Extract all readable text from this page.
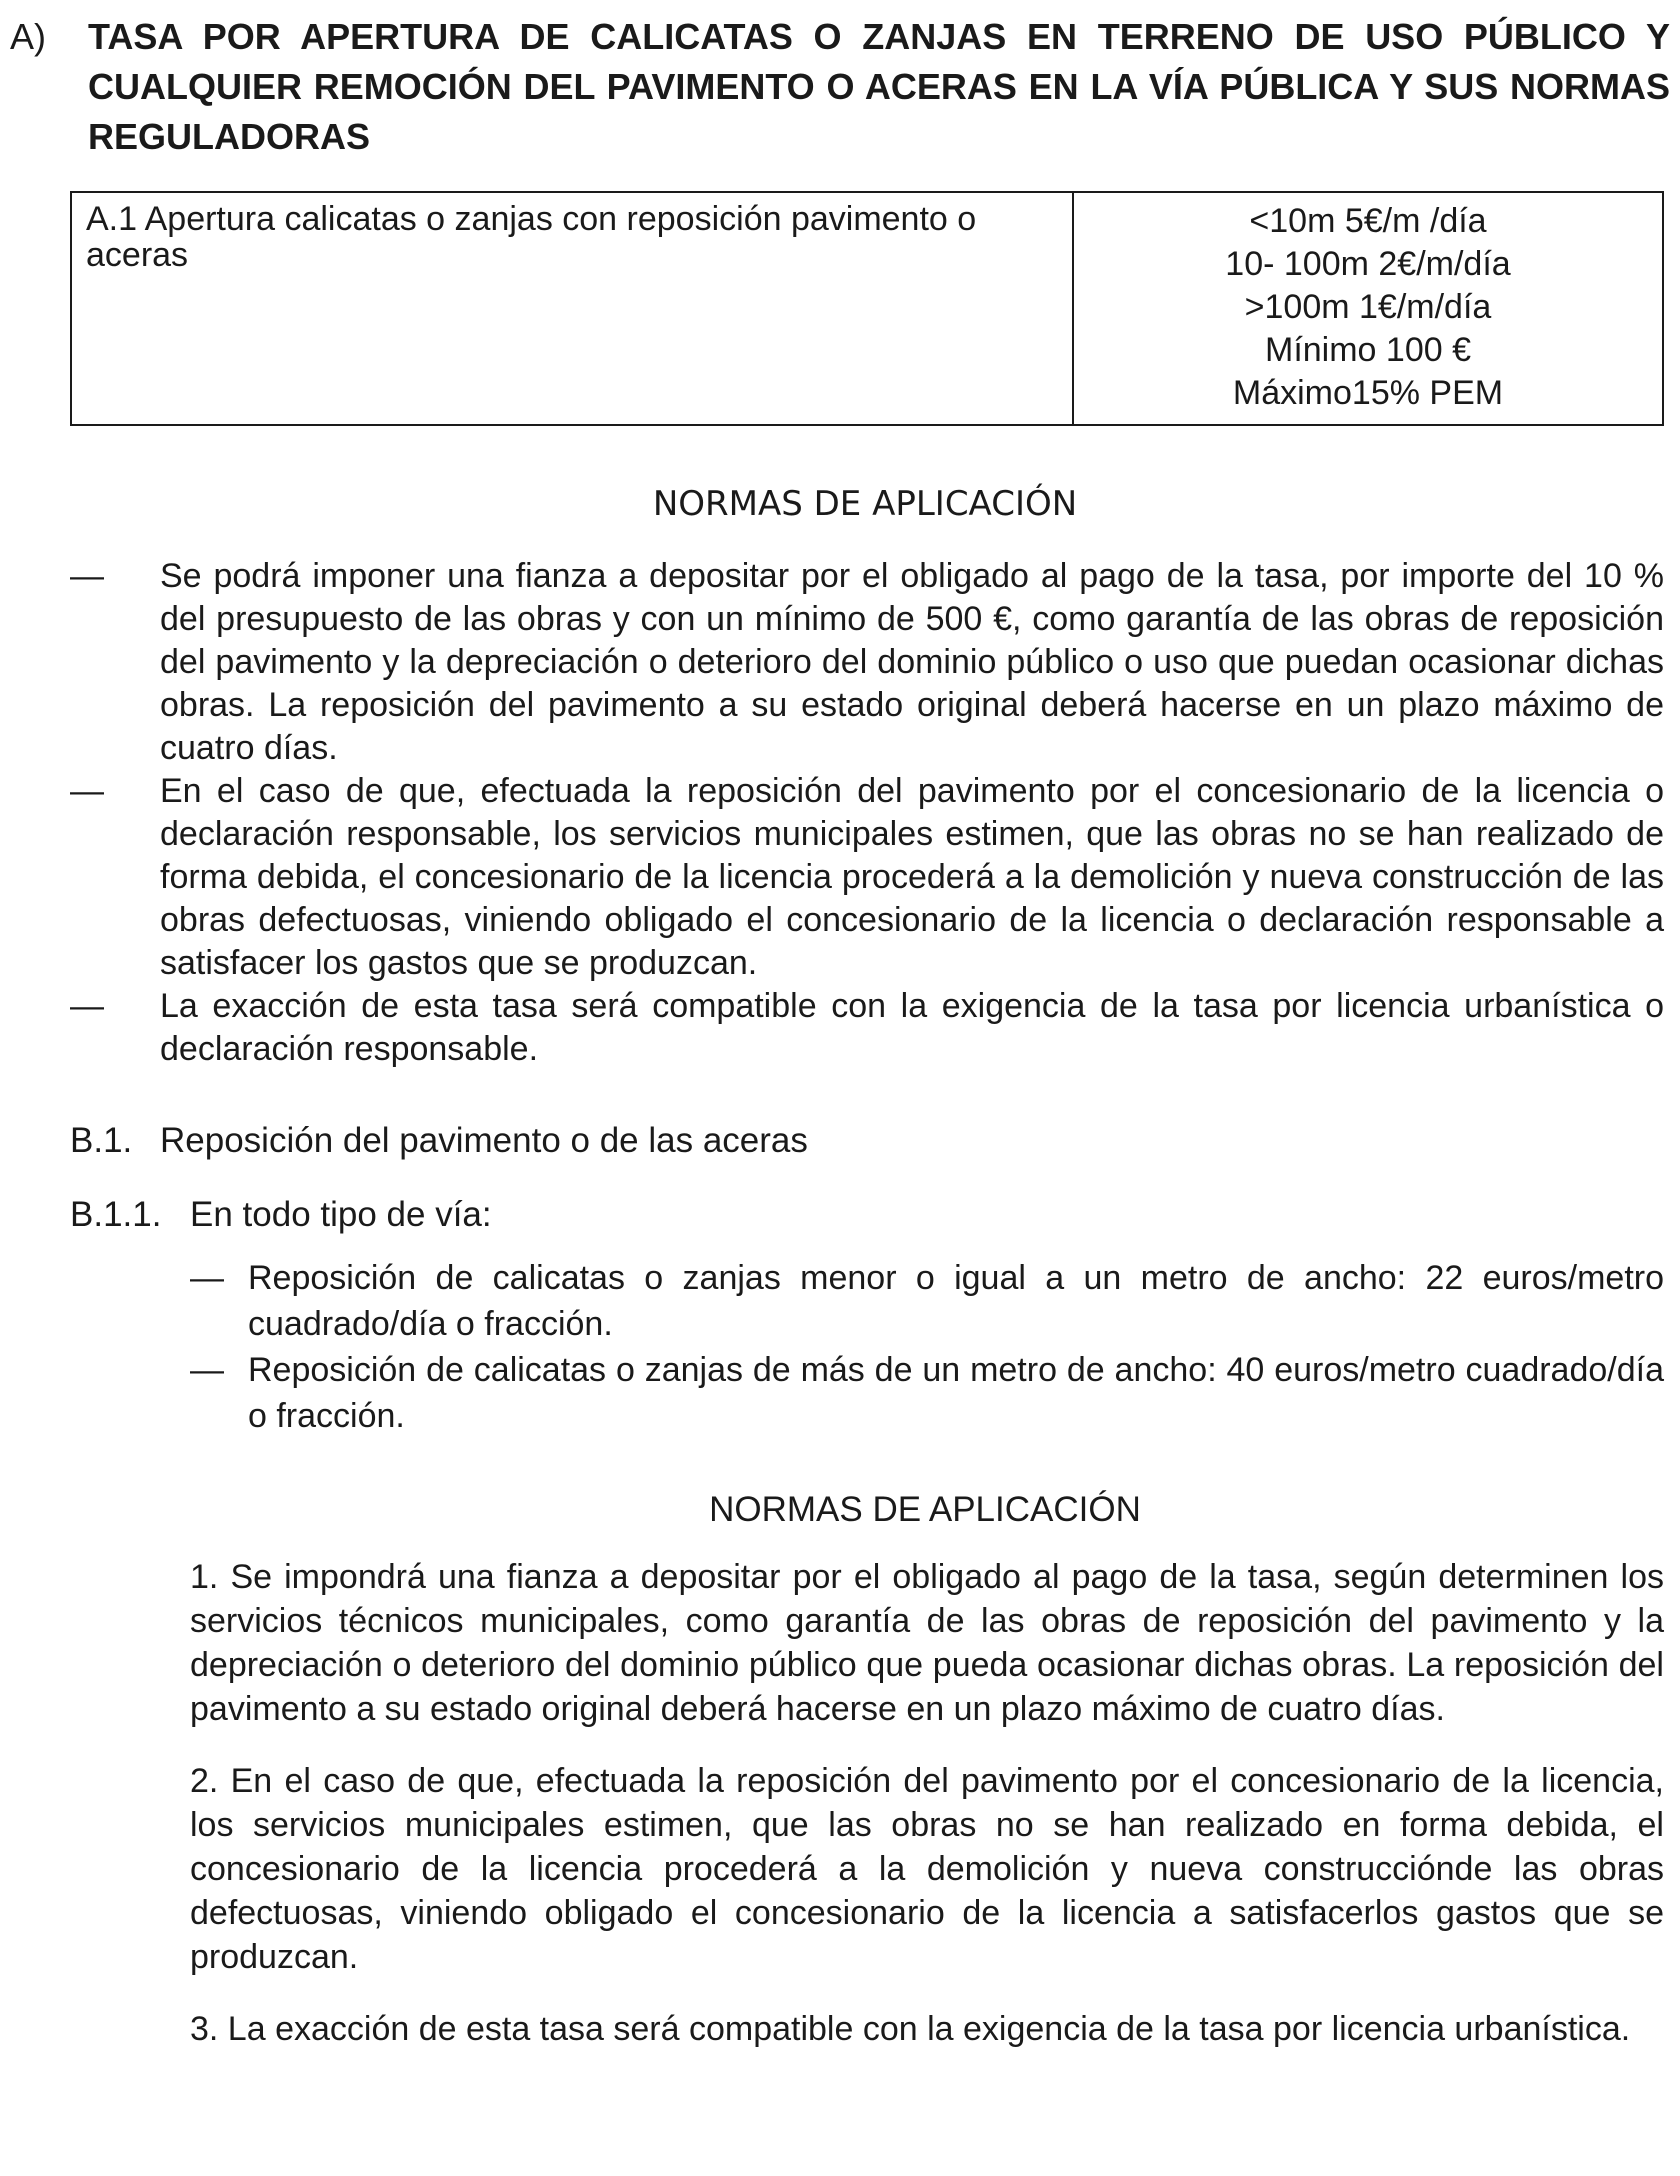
A) TASA POR APERTURA DE CALICATAS O ZANJAS EN TERRENO DE USO PÚBLICO Y CUALQUIER REMOCIÓN DEL PAVIMENTO O ACERAS EN LA VÍA PÚBLICA Y SUS NORMAS REGULADORAS
A.1 Apertura calicatas o zanjas con reposición pavimento o aceras
<10m 5€/m /día
10- 100m 2€/m/día
>100m 1€/m/día
Mínimo 100 €
Máximo15% PEM
NORMAS DE APLICACIÓN
— Se podrá imponer una fianza a depositar por el obligado al pago de la tasa, por importe del 10 % del presupuesto de las obras y con un mínimo de 500 €, como garantía de las obras de reposición del pavimento y la depreciación o deterioro del dominio público o uso que puedan ocasionar dichas obras. La reposición del pavimento a su estado original deberá hacerse en un plazo máximo de cuatro días.
— En el caso de que, efectuada la reposición del pavimento por el concesionario de la licencia o declaración responsable, los servicios municipales estimen, que las obras no se han realizado de forma debida, el concesionario de la licencia procederá a la demolición y nueva construcción de las obras defectuosas, viniendo obligado el concesionario de la licencia o declaración responsable a satisfacer los gastos que se produzcan.
— La exacción de esta tasa será compatible con la exigencia de la tasa por licencia urbanística o declaración responsable.
B.1. Reposición del pavimento o de las aceras
B.1.1. En todo tipo de vía:
— Reposición de calicatas o zanjas menor o igual a un metro de ancho: 22 euros/metro cuadrado/día o fracción.
— Reposición de calicatas o zanjas de más de un metro de ancho: 40 euros/metro cuadrado/día o fracción.
NORMAS DE APLICACIÓN
1. Se impondrá una fianza a depositar por el obligado al pago de la tasa, según determinen los servicios técnicos municipales, como garantía de las obras de reposición del pavimento y la depreciación o deterioro del dominio público que pueda ocasionar dichas obras. La reposición del pavimento a su estado original deberá hacerse en un plazo máximo de cuatro días.
2. En el caso de que, efectuada la reposición del pavimento por el concesionario de la licencia, los servicios municipales estimen, que las obras no se han realizado en forma debida, el concesionario de la licencia procederá a la demolición y nueva construcciónde las obras defectuosas, viniendo obligado el concesionario de la licencia a satisfacerlos gastos que se produzcan.
3. La exacción de esta tasa será compatible con la exigencia de la tasa por licencia urbanística.
